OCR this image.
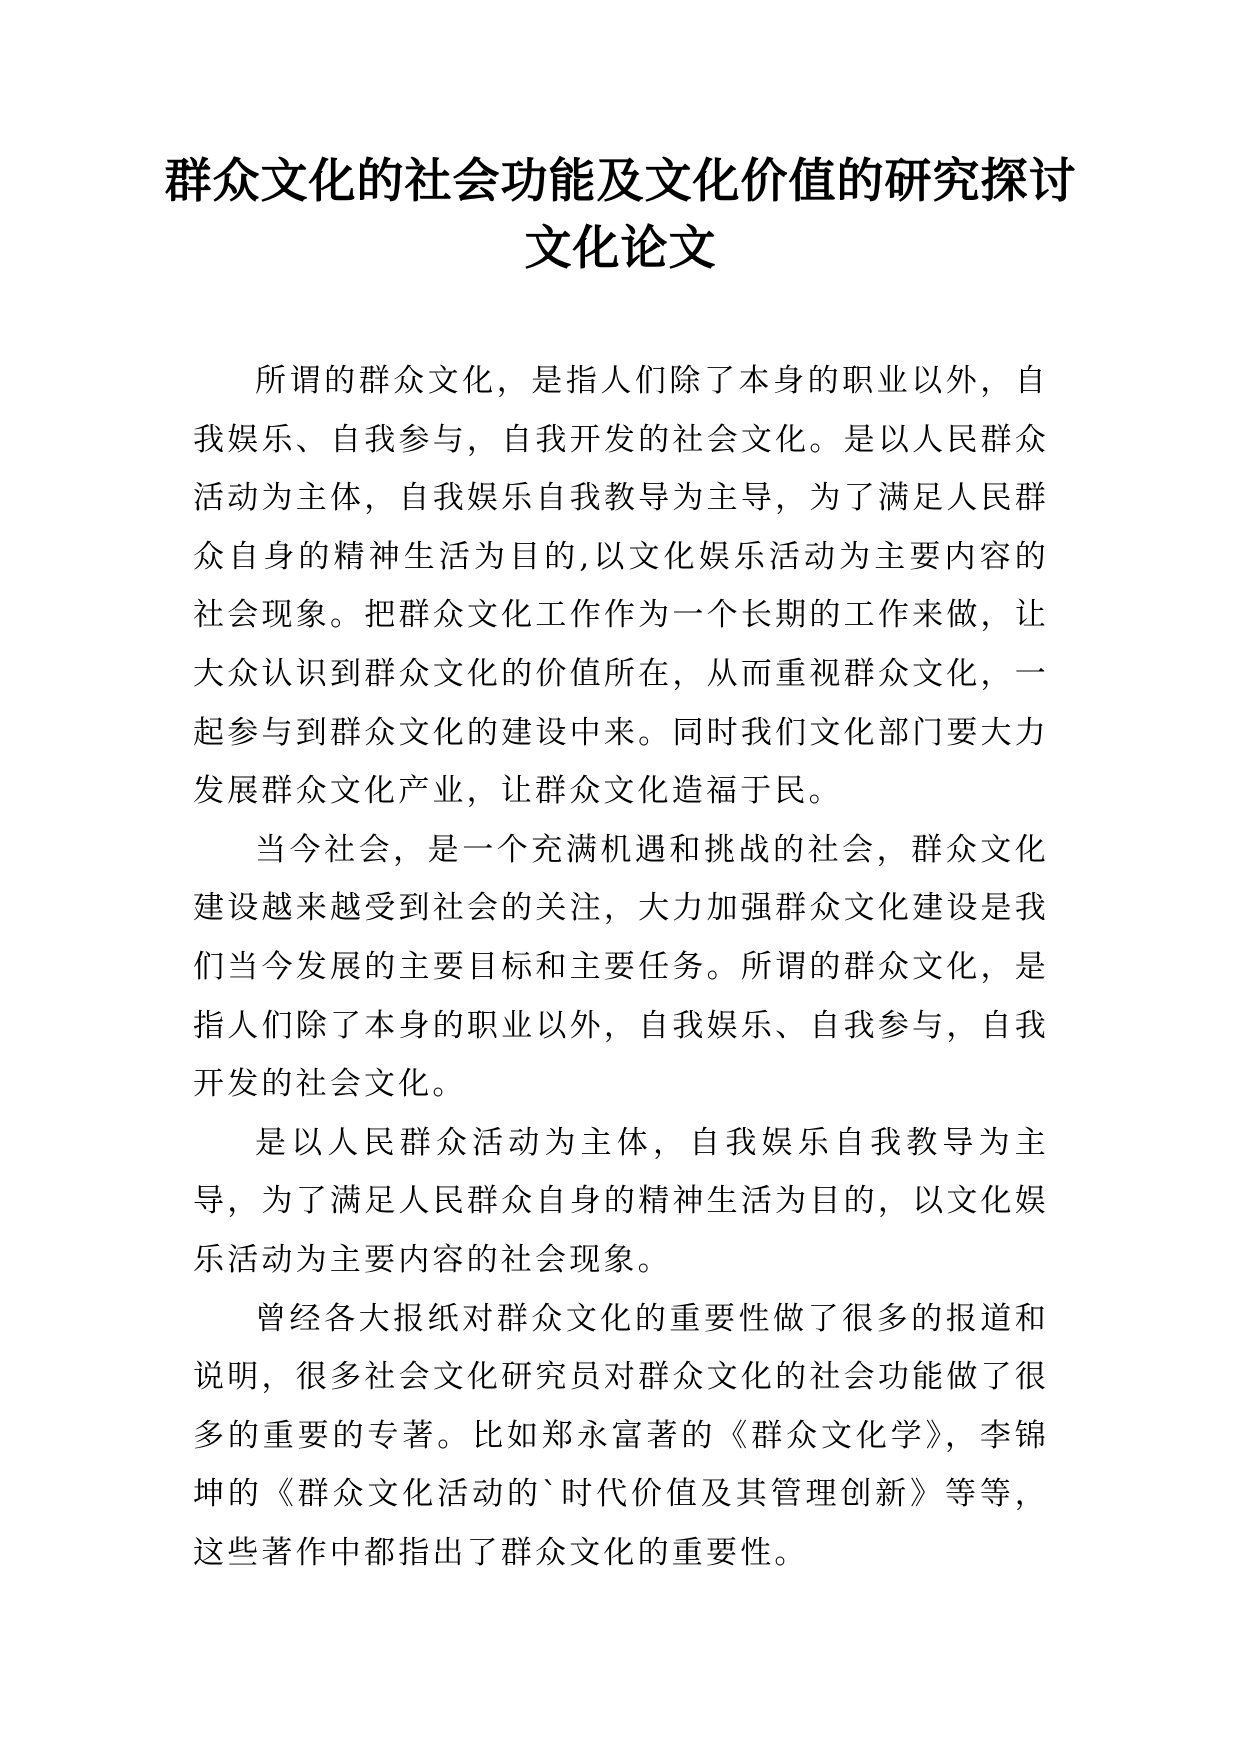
群众文化的社会功能及文化价值的研究探讨文化论文

所谓的群众文化，是指人们除了本身的职业以外，自我娱乐、自我参与，自我开发的社会文化。是以人民群众活动为主体，自我娱乐自我教导为主导，为了满足人民群众自身的精神生活为目的,以文化娱乐活动为主要内容的社会现象。把群众文化工作作为一个长期的工作来做，让大众认识到群众文化的价值所在，从而重视群众文化，一起参与到群众文化的建设中来。同时我们文化部门要大力发展群众文化产业，让群众文化造福于民。

当今社会，是一个充满机遇和挑战的社会，群众文化建设越来越受到社会的关注，大力加强群众文化建设是我们当今发展的主要目标和主要任务。所谓的群众文化，是指人们除了本身的职业以外，自我娱乐、自我参与，自我开发的社会文化。

是以人民群众活动为主体，自我娱乐自我教导为主导，为了满足人民群众自身的精神生活为目的，以文化娱乐活动为主要内容的社会现象。

曾经各大报纸对群众文化的重要性做了很多的报道和说明，很多社会文化研究员对群众文化的社会功能做了很多的重要的专著。比如郑永富著的《群众文化学》，李锦坤的《群众文化活动的`时代价值及其管理创新》等等，这些著作中都指出了群众文化的重要性。
